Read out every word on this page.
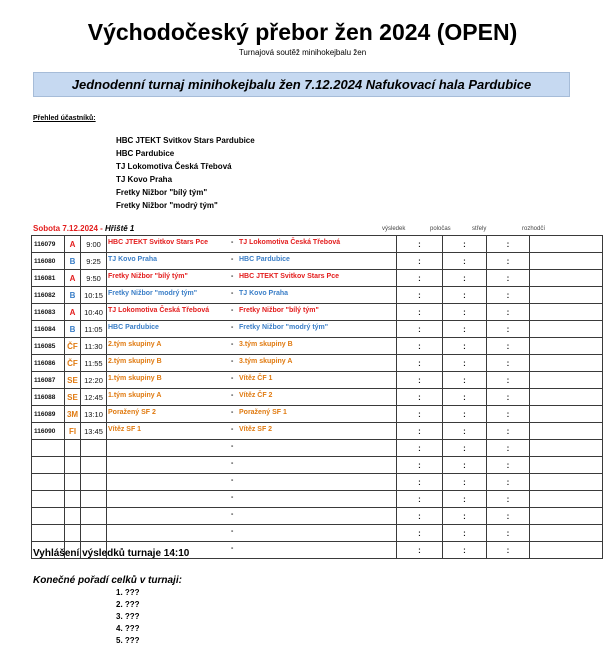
Východočeský přebor žen 2024 (OPEN)
Turnajová soutěž minihokejbalu žen
Jednodenní turnaj minihokejbalu žen 7.12.2024 Nafukovací hala Pardubice
Přehled účastníků:
HBC JTEKT Svitkov Stars Pardubice
HBC Pardubice
TJ Lokomotiva Česká Třebová
TJ Kovo Praha
Fretky Nižbor "bílý tým"
Fretky Nižbor "modrý tým"
Sobota 7.12.2024 - Hřiště 1	výsledek	poločas	střely	rozhodčí
116079	A	9:00	HBC JTEKT Svitkov Stars Pce - TJ Lokomotiva Česká Třebová	:	:	:	
116080	B	9:25	TJ Kovo Praha - HBC Pardubice	:	:	:	
116081	A	9:50	Fretky Nižbor "bílý tým" - HBC JTEKT Svitkov Stars Pce	:	:	:	
116082	B	10:15	Fretky Nižbor "modrý tým" - TJ Kovo Praha	:	:	:	
116083	A	10:40	TJ Lokomotiva Česká Třebová - Fretky Nižbor "bílý tým"	:	:	:	
116084	B	11:05	HBC Pardubice - Fretky Nižbor "modrý tým"	:	:	:	
116085	ČF	11:30	2.tým skupiny A - 3.tým skupiny B	:	:	:	
116086	ČF	11:55	2.tým skupiny B - 3.tým skupiny A	:	:	:	
116087	SE	12:20	1.tým skupiny B - Vítěz ČF 1	:	:	:	
116088	SE	12:45	1.tým skupiny A - Vítěz ČF 2	:	:	:	
116089	3M	13:10	Poražený SF 2 - Poražený SF 1	:	:	:	
116090	FI	13:45	Vítěz SF 1 - Vítěz SF 2	:	:	:	

			-	:	:	:	

			-	:	:	:	

			-	:	:	:	

			-	:	:	:	

			-	:	:	:	

			-	:	:	:	

			-	:	:	:	
Vyhlášení výsledků turnaje 14:10
Konečné pořadí celků v turnaji:
1. ???
2. ???
3. ???
4. ???
5. ???
